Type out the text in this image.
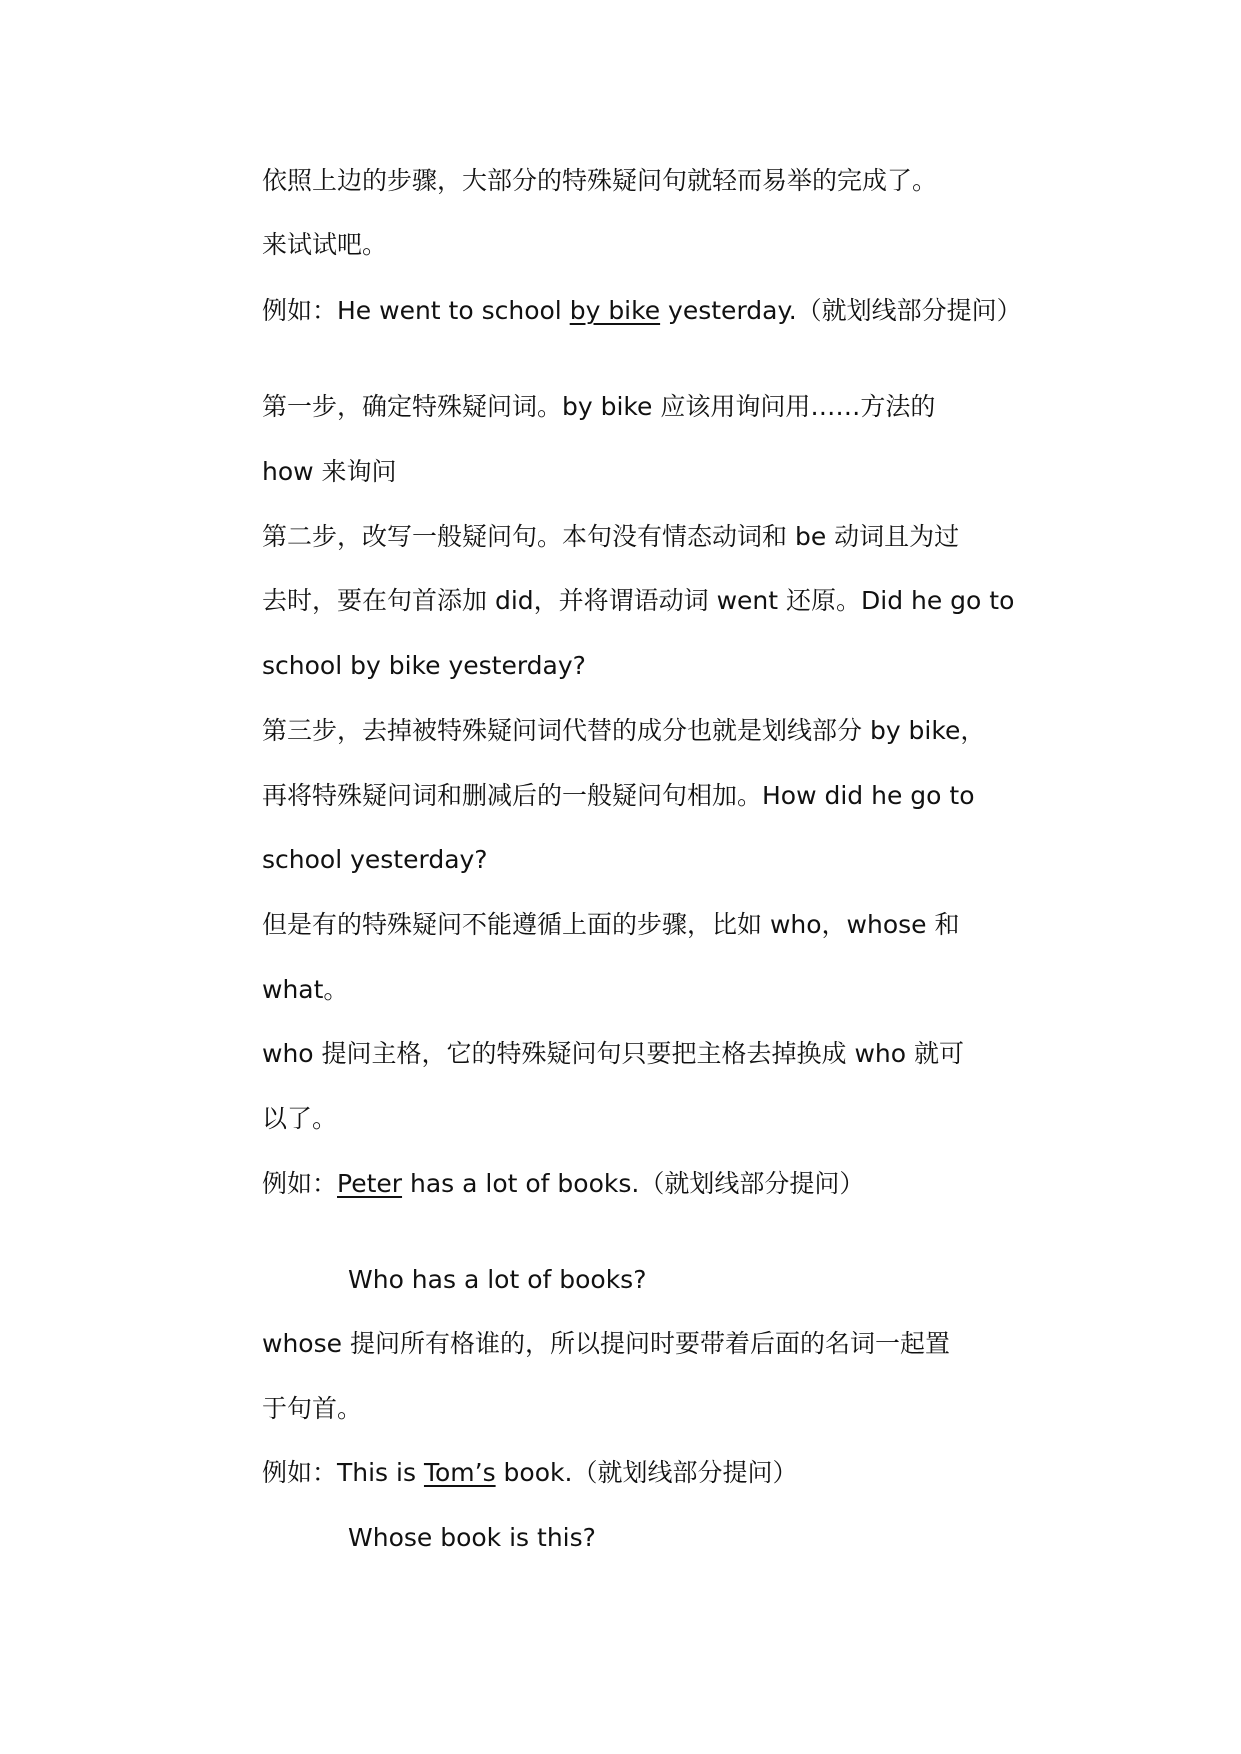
依照上边的步骤，大部分的特殊疑问句就轻而易举的完成了。
来试试吧。
例如：He went to school by bike yesterday.（就划线部分提问）
第一步，确定特殊疑问词。by bike 应该用询问用……方法的
how 来询问
第二步，改写一般疑问句。本句没有情态动词和 be 动词且为过
去时，要在句首添加 did，并将谓语动词 went 还原。Did he go to
school by bike yesterday?
第三步，去掉被特殊疑问词代替的成分也就是划线部分 by bike，
再将特殊疑问词和删减后的一般疑问句相加。How did he go to
school yesterday?
但是有的特殊疑问不能遵循上面的步骤，比如 who，whose 和
what。
who 提问主格，它的特殊疑问句只要把主格去掉换成 who 就可
以了。
例如：Peter has a lot of books.（就划线部分提问）
Who has a lot of books?
whose 提问所有格谁的，所以提问时要带着后面的名词一起置
于句首。
例如：This is Tom’s book.（就划线部分提问）
Whose book is this?
